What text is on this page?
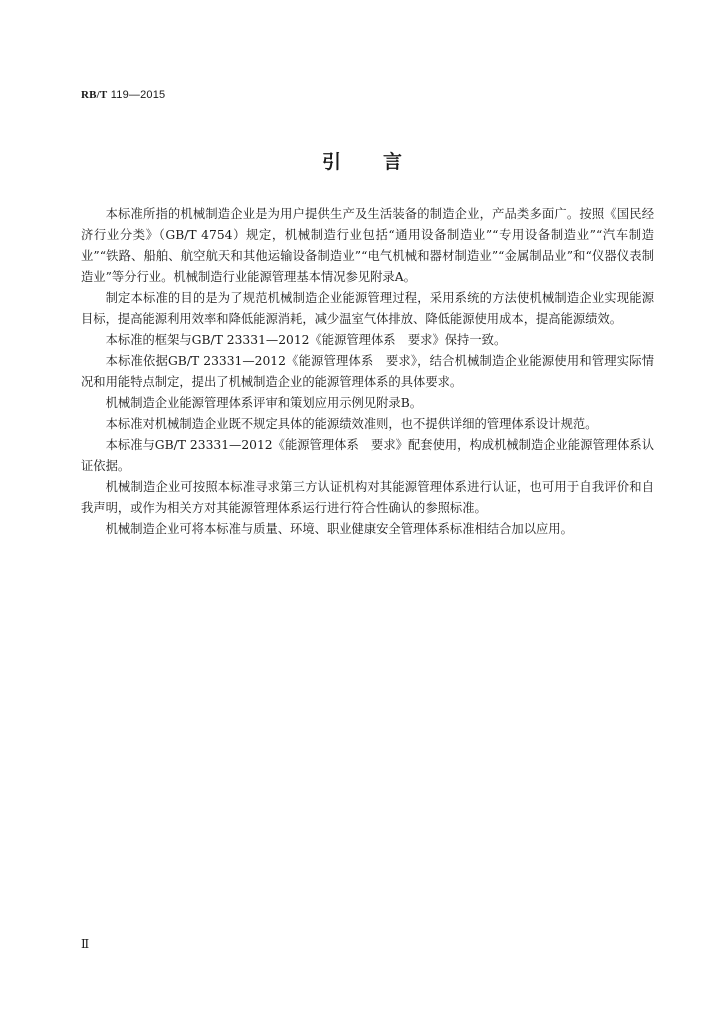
RB/T 119—2015
引言

本标准所指的机械制造企业是为用户提供生产及生活装备的制造企业，产品类多面广。按照《国民经济行业分类》（GB/T 4754）规定，机械制造行业包括“通用设备制造业”“专用设备制造业”“汽车制造业”“铁路、船舶、航空航天和其他运输设备制造业”“电气机械和器材制造业”“金属制品业”和“仪器仪表制造业”等分行业。机械制造行业能源管理基本情况参见附录A。

制定本标准的目的是为了规范机械制造企业能源管理过程，采用系统的方法使机械制造企业实现能源目标，提高能源利用效率和降低能源消耗，减少温室气体排放、降低能源使用成本，提高能源绩效。

本标准的框架与GB/T 23331—2012《能源管理体系　要求》保持一致。

本标准依据GB/T 23331—2012《能源管理体系　要求》，结合机械制造企业能源使用和管理实际情况和用能特点制定，提出了机械制造企业的能源管理体系的具体要求。

机械制造企业能源管理体系评审和策划应用示例见附录B。

本标准对机械制造企业既不规定具体的能源绩效准则，也不提供详细的管理体系设计规范。

本标准与GB/T 23331—2012《能源管理体系　要求》配套使用，构成机械制造企业能源管理体系认证依据。

机械制造企业可按照本标准寻求第三方认证机构对其能源管理体系进行认证，也可用于自我评价和自我声明，或作为相关方对其能源管理体系运行进行符合性确认的参照标准。

机械制造企业可将本标准与质量、环境、职业健康安全管理体系标准相结合加以应用。

Ⅱ
